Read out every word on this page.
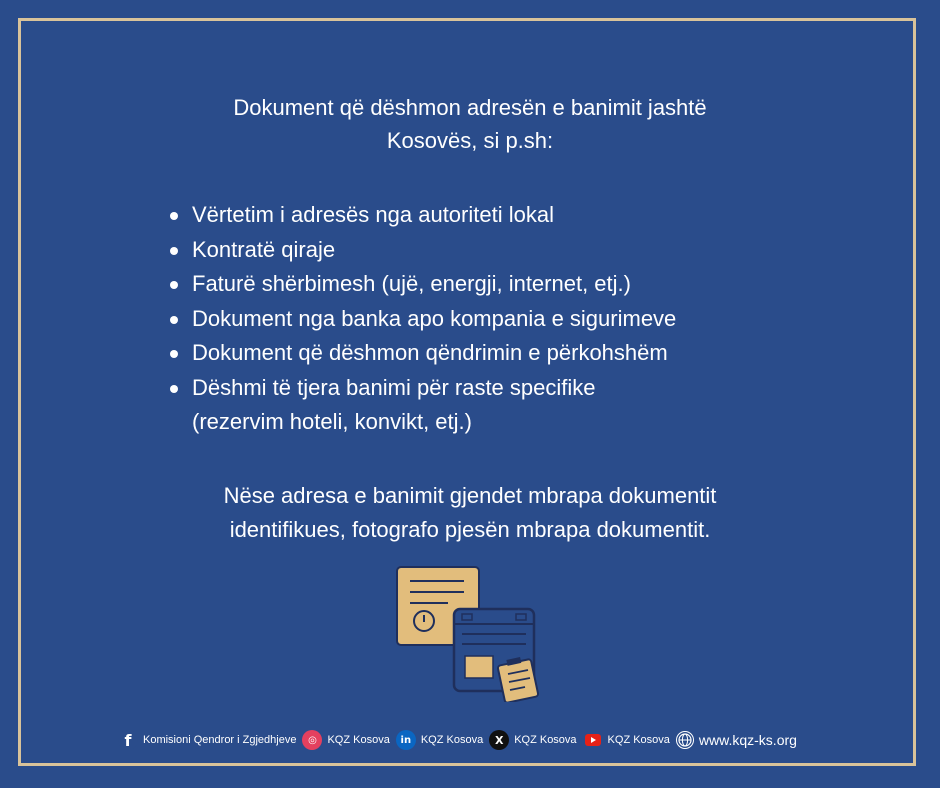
Dokument që dëshmon adresën e banimit jashtë
Kosovës, si p.sh:
Vërtetim i adresës nga autoriteti lokal
Kontratë qiraje
Faturë shërbimesh (ujë, energji, internet, etj.)
Dokument nga banka apo kompania e sigurimeve
Dokument që dëshmon qëndrimin e përkohshëm
Dëshmi të tjera banimi për raste specifike
(rezervim hoteli, konvikt, etj.)
Nëse adresa e banimit gjendet mbrapa dokumentit
identifikues, fotografo pjesën mbrapa dokumentit.
f	Komisioni Qendror i Zgjedhjeve	◎ KQZ Kosova	in KQZ Kosova	X KQZ Kosova	KQZ Kosova www.kqz-ks.org
